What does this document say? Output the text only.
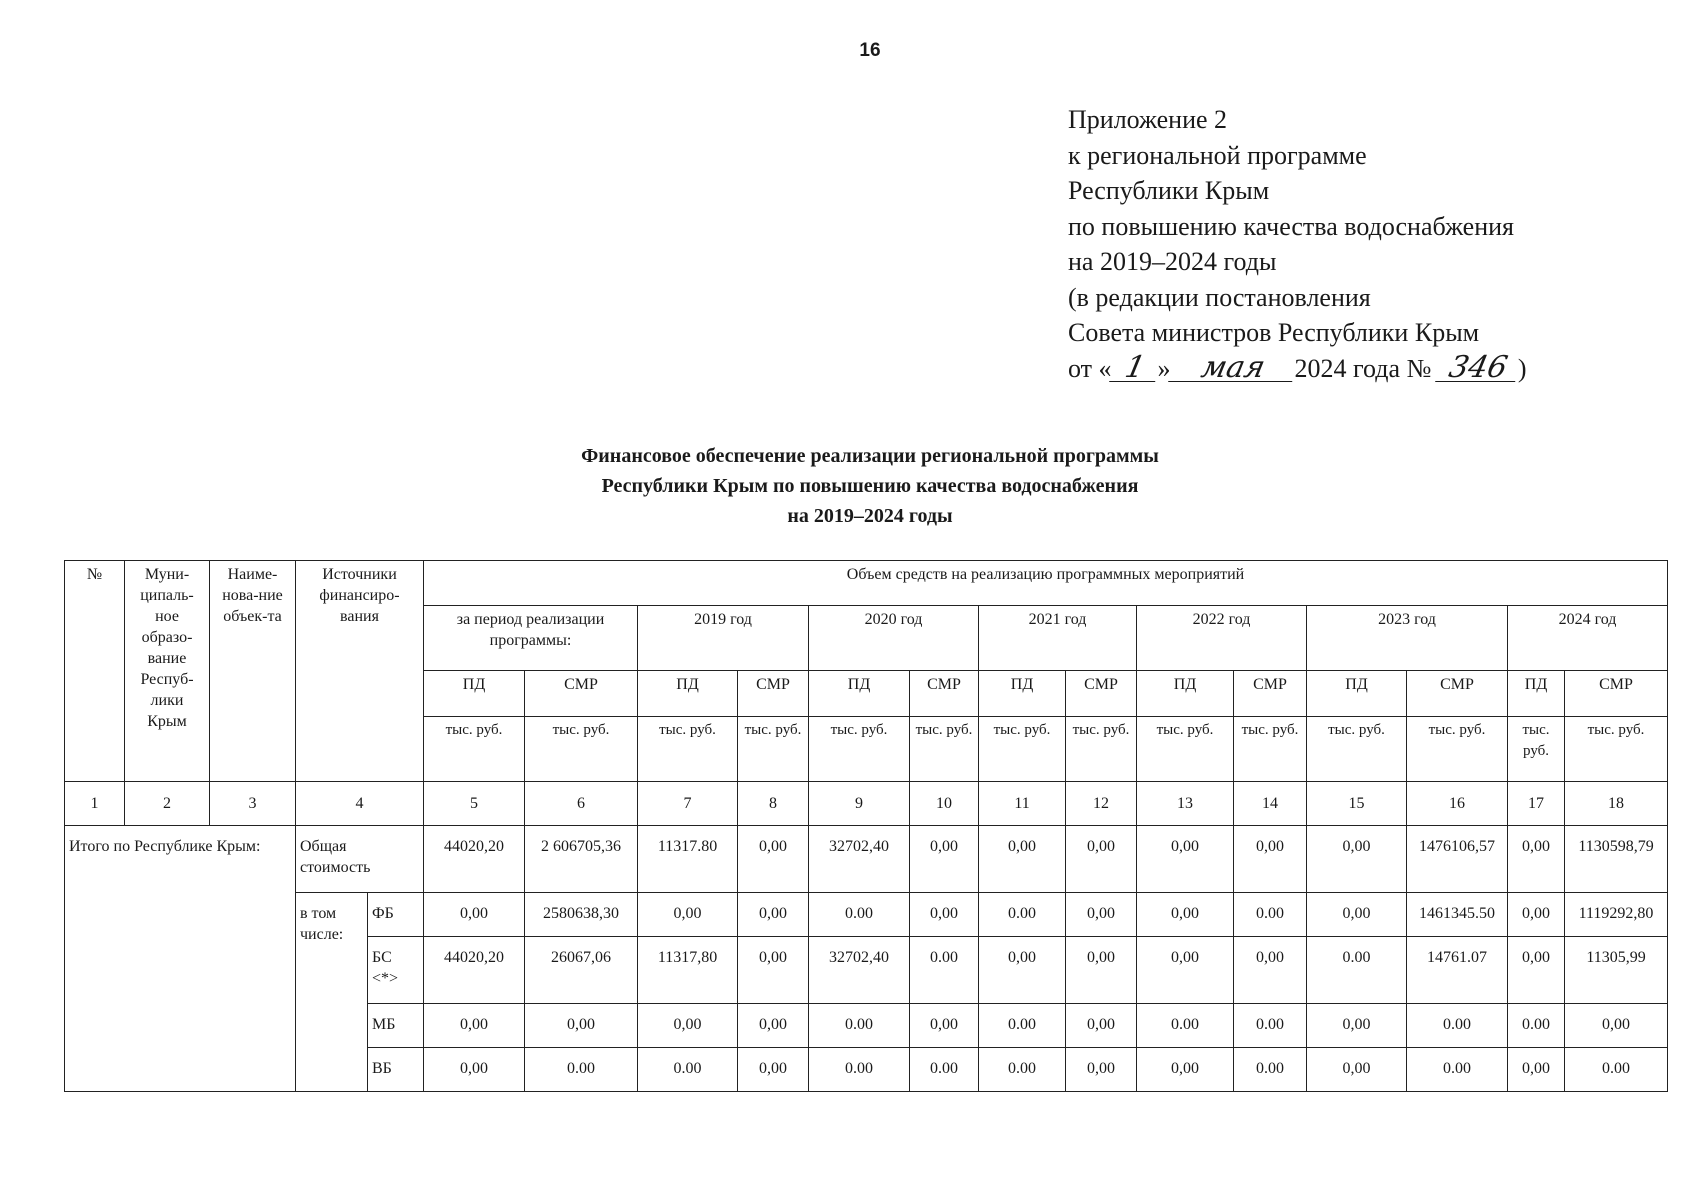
16
Приложение 2
к региональной программе
Республики Крым
по повышению качества водоснабжения
на 2019–2024 годы
(в редакции постановления
Совета министров Республики Крым
от « 1 » мая 2024 года № 346 )
Финансовое обеспечение реализации региональной программы
Республики Крым по повышению качества водоснабжения
на 2019–2024 годы
№	Муни-ципаль-ное образо-вание Респуб-лики Крым	Наиме-нова-ние объек-та	Источники финансиро-вания		Объем средств на реализацию программных мероприятий													
					за период реализации программы:		2019 год		2020 год		2021 год		2022 год		2023 год		2024 год	
					ПД	СМР	ПД	СМР	ПД	СМР	ПД	СМР	ПД	СМР	ПД	СМР	ПД	СМР
					тыс. руб.	тыс. руб.	тыс. руб.	тыс. руб.	тыс. руб.	тыс. руб.	тыс. руб.	тыс. руб.	тыс. руб.	тыс. руб.	тыс. руб.	тыс. руб.	тыс. руб.	тыс. руб.
1	2	3	4		5	6	7	8	9	10	11	12	13	14	15	16	17	18
Итого по Республике Крым:			Общая стоимость		44020,20	2 606705,36	11317.80	0,00	32702,40	0,00	0,00	0,00	0,00	0,00	0,00	1476106,57	0,00	1130598,79
			в том числе:	ФБ	0,00	2580638,30	0,00	0,00	0.00	0,00	0.00	0,00	0,00	0.00	0,00	1461345.50	0,00	1119292,80
				БС <*>	44020,20	26067,06	11317,80	0,00	32702,40	0.00	0,00	0,00	0,00	0,00	0.00	14761.07	0,00	11305,99
				МБ	0,00	0,00	0,00	0,00	0.00	0,00	0.00	0,00	0.00	0.00	0,00	0.00	0.00	0,00
				ВБ	0,00	0.00	0.00	0,00	0.00	0.00	0.00	0,00	0,00	0.00	0,00	0.00	0,00	0.00
